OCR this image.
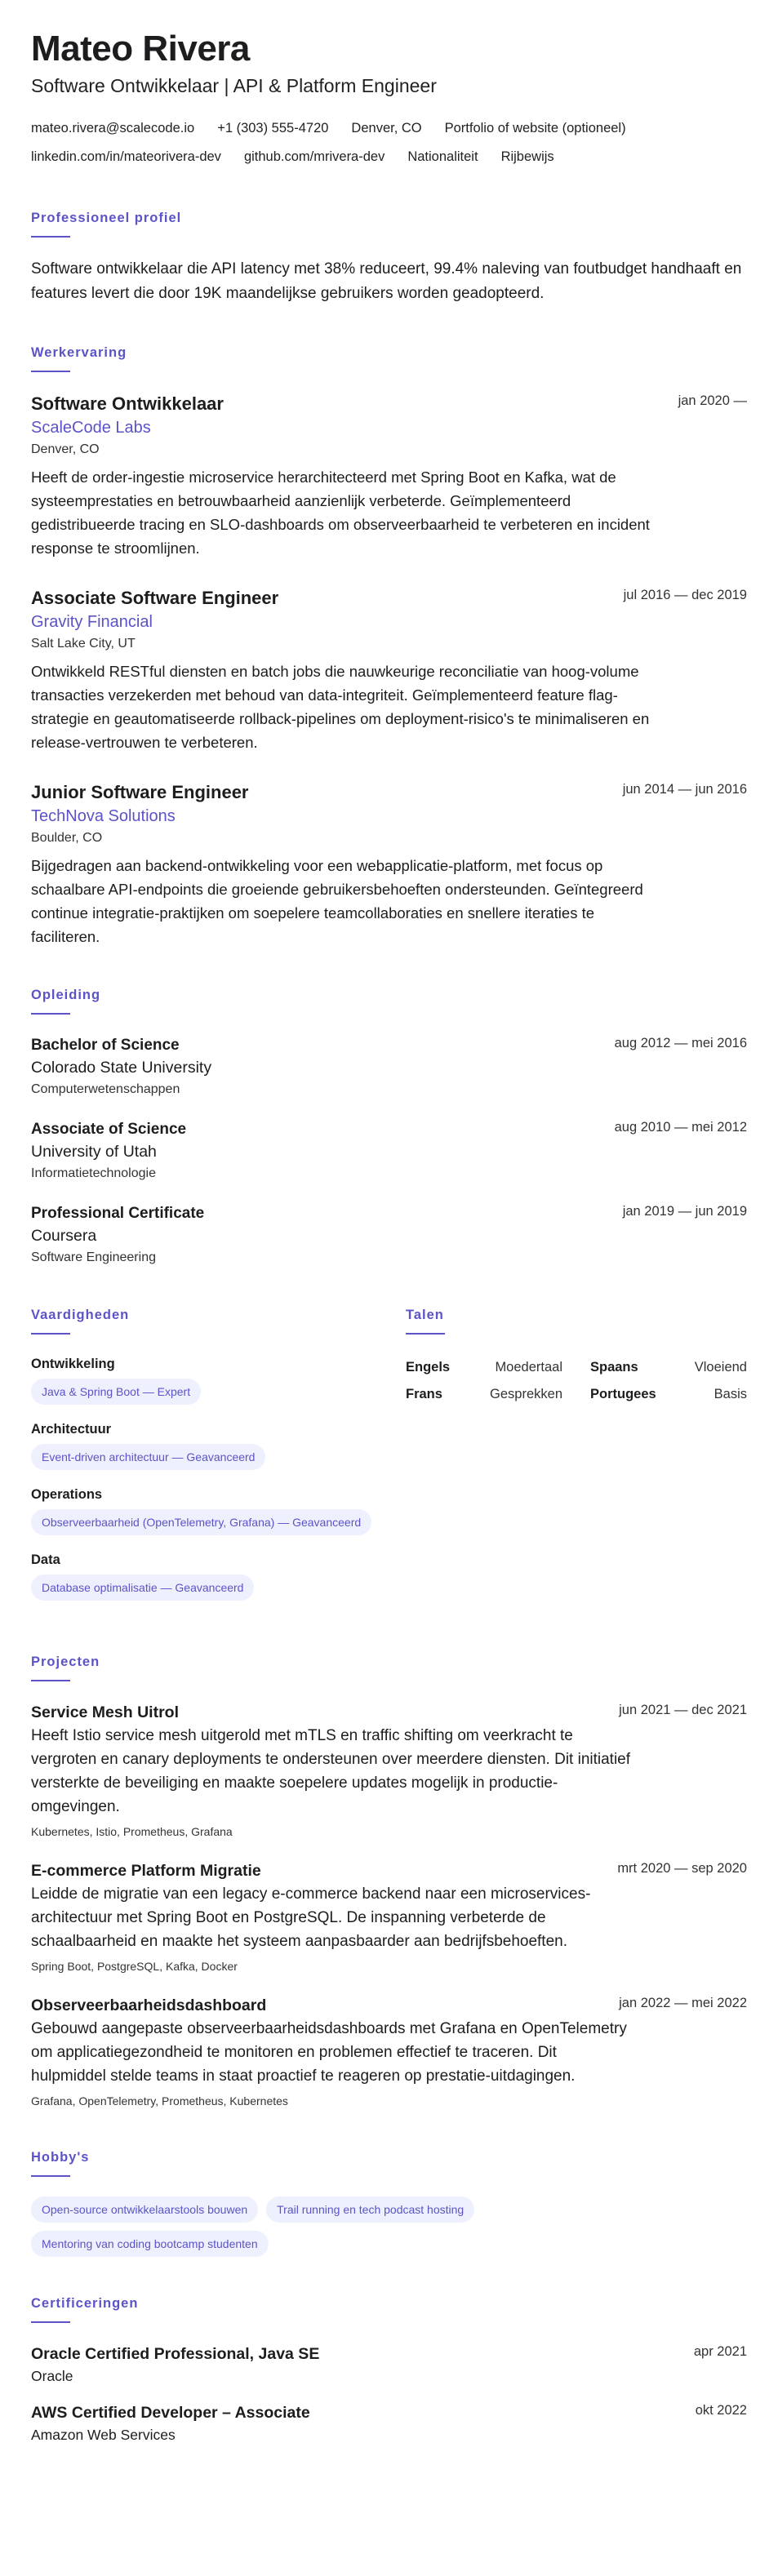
Mateo Rivera
Software Ontwikkelaar | API & Platform Engineer
mateo.rivera@scalecode.io +1 (303) 555-4720 Denver, CO Portfolio of website (optioneel)
linkedin.com/in/mateorivera-dev github.com/mrivera-dev Nationaliteit Rijbewijs
Professioneel profiel
Software ontwikkelaar die API latency met 38% reduceert, 99.4% naleving van foutbudget handhaaft en features levert die door 19K maandelijkse gebruikers worden geadopteerd.
Werkervaring
jan 2020 —
Software Ontwikkelaar
ScaleCode Labs
Denver, CO
Heeft de order-ingestie microservice herarchitecteerd met Spring Boot en Kafka, wat de systeemprestaties en betrouwbaarheid aanzienlijk verbeterde. Geïmplementeerd gedistribueerde tracing en SLO-dashboards om observeerbaarheid te verbeteren en incident response te stroomlijnen.
jul 2016 — dec 2019
Associate Software Engineer
Gravity Financial
Salt Lake City, UT
Ontwikkeld RESTful diensten en batch jobs die nauwkeurige reconciliatie van hoog-volume transacties verzekerden met behoud van data-integriteit. Geïmplementeerd feature flag-strategie en geautomatiseerde rollback-pipelines om deployment-risico's te minimaliseren en release-vertrouwen te verbeteren.
jun 2014 — jun 2016
Junior Software Engineer
TechNova Solutions
Boulder, CO
Bijgedragen aan backend-ontwikkeling voor een webapplicatie-platform, met focus op schaalbare API-endpoints die groeiende gebruikersbehoeften ondersteunden. Geïntegreerd continue integratie-praktijken om soepelere teamcollaboraties en snellere iteraties te faciliteren.
Opleiding
aug 2012 — mei 2016
Bachelor of Science
Colorado State University
Computerwetenschappen
aug 2010 — mei 2012
Associate of Science
University of Utah
Informatietechnologie
jan 2019 — jun 2019
Professional Certificate
Coursera
Software Engineering
Vaardigheden
Ontwikkeling
Java & Spring Boot — Expert
Architectuur
Event-driven architectuur — Geavanceerd
Operations
Observeerbaarheid (OpenTelemetry, Grafana) — Geavanceerd
Data
Database optimalisatie — Geavanceerd
Talen
Engels	Moedertaal Spaans	Vloeiend
Frans	Gesprekken Portugees	Basis
Projecten
jun 2021 — dec 2021
Service Mesh Uitrol
Heeft Istio service mesh uitgerold met mTLS en traffic shifting om veerkracht te vergroten en canary deployments te ondersteunen over meerdere diensten. Dit initiatief versterkte de beveiliging en maakte soepelere updates mogelijk in productie-omgevingen.
Kubernetes, Istio, Prometheus, Grafana
mrt 2020 — sep 2020
E-commerce Platform Migratie
Leidde de migratie van een legacy e-commerce backend naar een microservices-architectuur met Spring Boot en PostgreSQL. De inspanning verbeterde de schaalbaarheid en maakte het systeem aanpasbaarder aan bedrijfsbehoeften.
Spring Boot, PostgreSQL, Kafka, Docker
jan 2022 — mei 2022
Observeerbaarheidsdashboard
Gebouwd aangepaste observeerbaarheidsdashboards met Grafana en OpenTelemetry om applicatiegezondheid te monitoren en problemen effectief te traceren. Dit hulpmiddel stelde teams in staat proactief te reageren op prestatie-uitdagingen.
Grafana, OpenTelemetry, Prometheus, Kubernetes
Hobby's
Open-source ontwikkelaarstools bouwen	Trail running en tech podcast hosting
Mentoring van coding bootcamp studenten
Certificeringen
apr 2021
Oracle Certified Professional, Java SE
Oracle
okt 2022
AWS Certified Developer – Associate
Amazon Web Services
